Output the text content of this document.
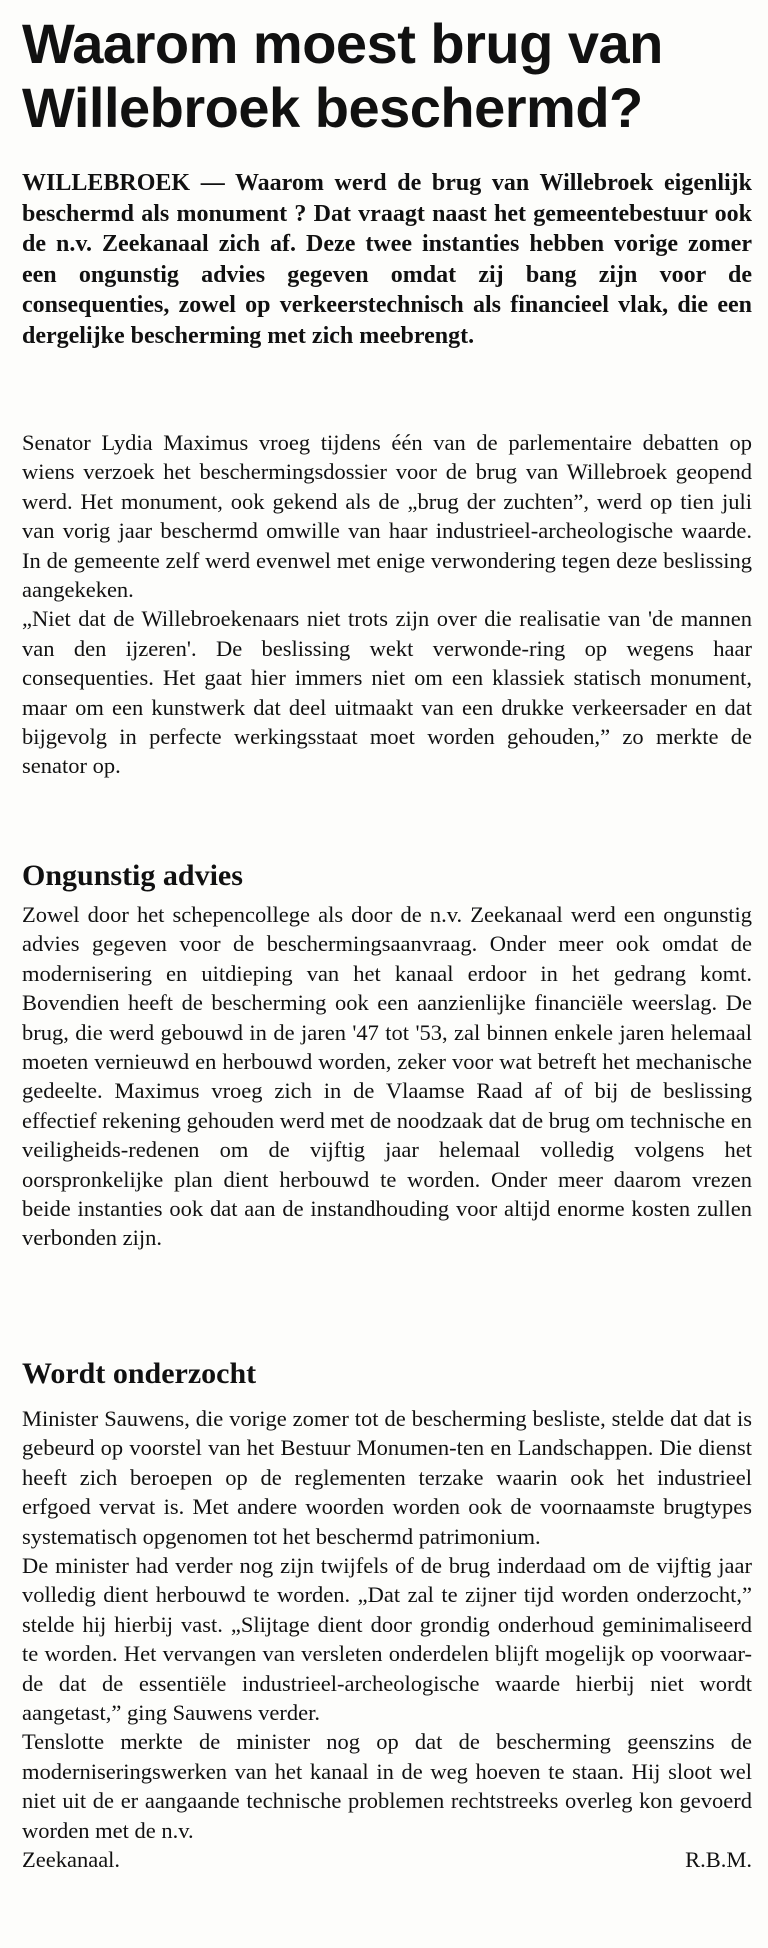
Waarom moest brug van Willebroek beschermd?

WILLEBROEK — Waarom werd de brug van Willebroek eigenlijk beschermd als monument ? Dat vraagt naast het gemeentebestuur ook de n.v. Zeekanaal zich af. Deze twee instanties hebben vorige zomer een ongunstig advies gegeven omdat zij bang zijn voor de consequenties, zowel op verkeerstechnisch als financieel vlak, die een dergelijke bescherming met zich meebrengt.

Senator Lydia Maximus vroeg tijdens één van de parlementaire debatten op wiens verzoek het beschermingsdossier voor de brug van Willebroek geopend werd. Het monument, ook gekend als de „brug der zuchten”, werd op tien juli van vorig jaar beschermd omwille van haar industrieel-archeologische waarde. In de gemeente zelf werd evenwel met enige verwondering tegen deze beslissing aangekeken.

„Niet dat de Willebroekenaars niet trots zijn over die realisatie van 'de mannen van den ijzeren'. De beslissing wekt verwonde-ring op wegens haar consequenties. Het gaat hier immers niet om een klassiek statisch monument, maar om een kunstwerk dat deel uitmaakt van een drukke verkeersader en dat bijgevolg in perfecte werkingsstaat moet worden gehouden,” zo merkte de senator op.

Ongunstig advies

Zowel door het schepencollege als door de n.v. Zeekanaal werd een ongunstig advies gegeven voor de beschermingsaanvraag. Onder meer ook omdat de modernisering en uitdieping van het kanaal erdoor in het gedrang komt. Bovendien heeft de bescherming ook een aanzienlijke financiële weerslag. De brug, die werd gebouwd in de jaren '47 tot '53, zal binnen enkele jaren helemaal moeten vernieuwd en herbouwd worden, zeker voor wat betreft het mechanische gedeelte. Maximus vroeg zich in de Vlaamse Raad af of bij de beslissing effectief rekening gehouden werd met de noodzaak dat de brug om technische en veiligheids-redenen om de vijftig jaar helemaal volledig volgens het oorspronkelijke plan dient herbouwd te worden. Onder meer daarom vrezen beide instanties ook dat aan de instandhouding voor altijd enorme kosten zullen verbonden zijn.

Wordt onderzocht

Minister Sauwens, die vorige zomer tot de bescherming besliste, stelde dat dat is gebeurd op voorstel van het Bestuur Monumen-ten en Landschappen. Die dienst heeft zich beroepen op de reglementen terzake waarin ook het industrieel erfgoed vervat is. Met andere woorden worden ook de voornaamste brugtypes systematisch opgenomen tot het beschermd patrimonium.

De minister had verder nog zijn twijfels of de brug inderdaad om de vijftig jaar volledig dient herbouwd te worden. „Dat zal te zijner tijd worden onderzocht,” stelde hij hierbij vast. „Slijtage dient door grondig onderhoud geminimaliseerd te worden. Het vervangen van versleten onderdelen blijft mogelijk op voorwaar-de dat de essentiële industrieel-archeologische waarde hierbij niet wordt aangetast,” ging Sauwens verder.

Tenslotte merkte de minister nog op dat de bescherming geenszins de moderniseringswerken van het kanaal in de weg hoeven te staan. Hij sloot wel niet uit de er aangaande technische problemen rechtstreeks overleg kon gevoerd worden met de n.v.

Zeekanaal.	R.B.M.
